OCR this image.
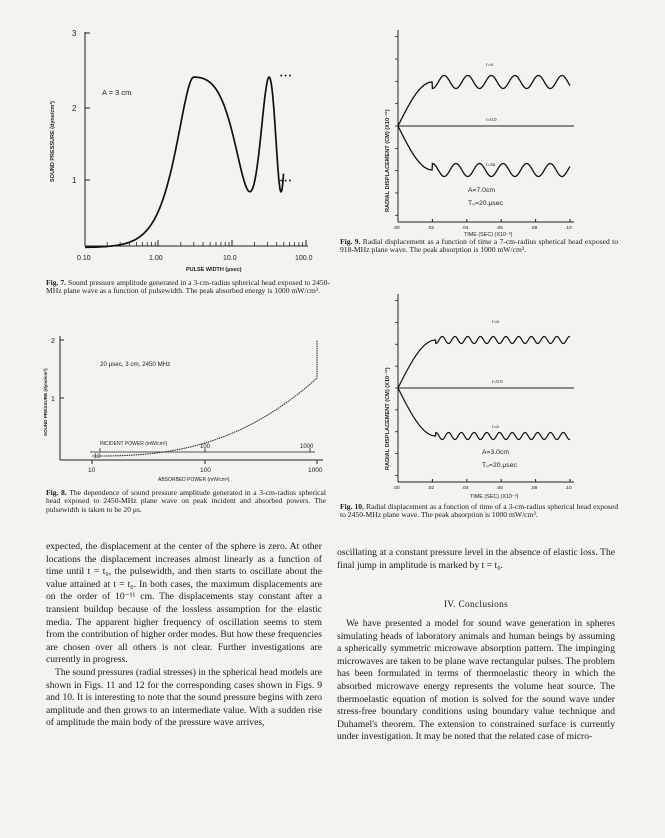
• • •
• • •
A = 3 cm
3
2
1
0.10	1.00	10.0	100.0
PULSE WIDTH (μsec)
SOUND PRESSURE (dyne/cm²)
Fig. 7. Sound pressure amplitude generated in a 3-cm-radius spherical head exposed to 2450-MHz plane wave as a function of pulsewidth. The peak absorbed energy is 1000 mW/cm³.
20 μsec, 3 cm, 2450 MHz
2
1
INCIDENT POWER (mW/cm²)
10
100	1000
10	100	1000
ABSORBED POWER (mW/cm³)
SOUND PRESSURE (dyne/cm²)
Fig. 8. The dependence of sound pressure amplitude generated in a 3-cm-radius spherical head exposed to 2450-MHz plane wave on peak incident and absorbed powers. The pulsewidth is taken to be 20 μs.
r=a
r=0.0
r=2a
A=7.0cm
T₀=20.μsec
.00	.02	.04	.06	.08	.10
TIME (SEC) (X10⁻³)
RADIAL DISPLACEMENT (CM) (X10⁻¹¹)
Fig. 9. Radial displacement as a function of time a 7-cm-radius spherical head exposed to 918-MHz plane wave. The peak absorption is 1000 mW/cm³.
r=a
r=0.0
r=a
A=3.0cm
T₀=20.μsec
.00	.02	.04	.06	.08	.10
TIME (SEC) (X10⁻³)
RADIAL DISPLACEMENT (CM) (X10⁻¹¹)
Fig. 10. Radial displacement as a function of time of a 3-cm-radius spherical head exposed to 2450-MHz plane wave. The peak absorption is 1000 mW/cm³.

expected, the displacement at the center of the sphere is zero. At other locations the displacement increases almost linearly as a function of time until t = t₀, the pulsewidth, and then starts to oscillate about the value attained at t = t₀. In both cases, the maximum displacements are on the order of 10⁻¹¹ cm. The displacements stay constant after a transient buildup because of the lossless assumption for the elastic media. The apparent higher frequency of oscillation seems to stem from the contribution of higher order modes. But how these frequencies are chosen over all others is not clear. Further investigations are currently in progress.

The sound pressures (radial stresses) in the spherical head models are shown in Figs. 11 and 12 for the corresponding cases shown in Figs. 9 and 10. It is interesting to note that the sound pressure begins with zero amplitude and then grows to an intermediate value. With a sudden rise of amplitude the main body of the pressure wave arrives,

oscillating at a constant pressure level in the absence of elastic loss. The final jump in amplitude is marked by t = t₀.

IV. Conclusions

We have presented a model for sound wave generation in spheres simulating heads of laboratory animals and human beings by assuming a spherically symmetric microwave absorption pattern. The impinging microwaves are taken to be plane wave rectangular pulses. The problem has been formulated in terms of thermoelastic theory in which the absorbed microwave energy represents the volume heat source. The thermoelastic equation of motion is solved for the sound wave under stress-free boundary conditions using boundary value technique and Duhamel's theorem. The extension to constrained surface is currently under investigation. It may be noted that the related case of micro-
